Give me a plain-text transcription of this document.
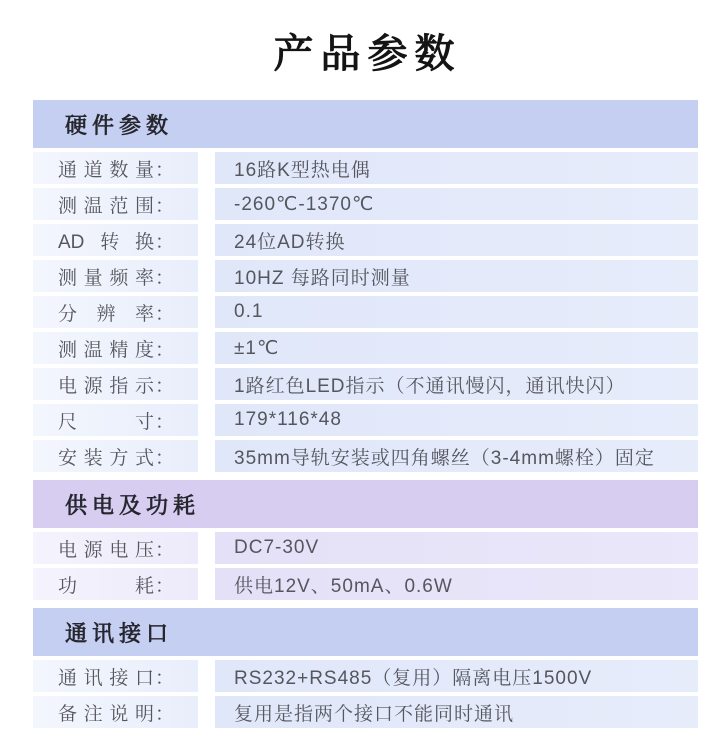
产品参数
硬件参数
通道数量 ：	16路K型热电偶
测温范围 ：	-260℃-1370℃
AD转换 ：	24位AD转换
测量频率 ：	10HZ 每路同时测量
分辨率 ：	0.1
测温精度 ：	±1℃
电源指示 ：	1路红色LED指示（不通讯慢闪，通讯快闪）
尺寸 ：	179*116*48
安装方式 ：	35mm导轨安装或四角螺丝（3-4mm螺栓）固定
供电及功耗
电源电压 ：	DC7-30V
功耗 ：	供电12V、50mA、0.6W
通讯接口
通讯接口 ：	RS232+RS485（复用）隔离电压1500V
备注说明 ：	复用是指两个接口不能同时通讯
